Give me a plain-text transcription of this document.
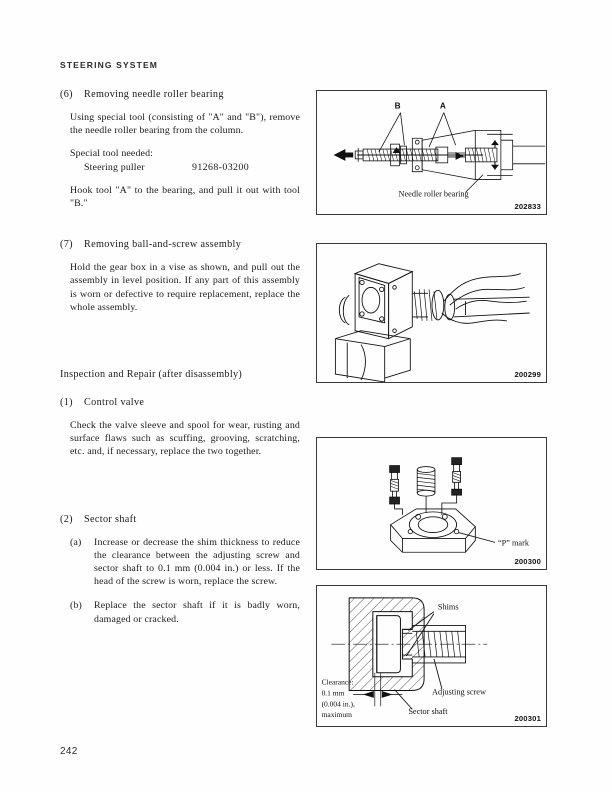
STEERING SYSTEM
(6)	Removing needle roller bearing

Using special tool (consisting of "A" and "B"), remove the needle roller bearing from the column.

Special tool needed:
Steering puller	91268-03200

Hook tool "A" to the bearing, and pull it out with tool "B."

(7)	Removing ball-and-screw assembly

Hold the gear box in a vise as shown, and pull out the assembly in level position. If any part of this assembly is worn or defective to require replacement, replace the whole assembly.

Inspection and Repair (after disassembly)
(1)	Control valve

Check the valve sleeve and spool for wear, rusting and surface flaws such as scuffing, grooving, scratching, etc. and, if necessary, replace the two together.

(2)	Sector shaft
(a)	Increase or decrease the shim thickness to reduce the clearance between the adjusting screw and sector shaft to 0.1 mm (0.004 in.) or less. If the head of the screw is worn, replace the screw.
(b)	Replace the sector shaft if it is badly worn, damaged or cracked.
B	A
Needle roller bearing
202833
200299
“P” mark
200300
Shims
Adjusting screw
Sector shaft
Clearance:
0.1 mm
(0.004 in.),
maximum	200301
242
